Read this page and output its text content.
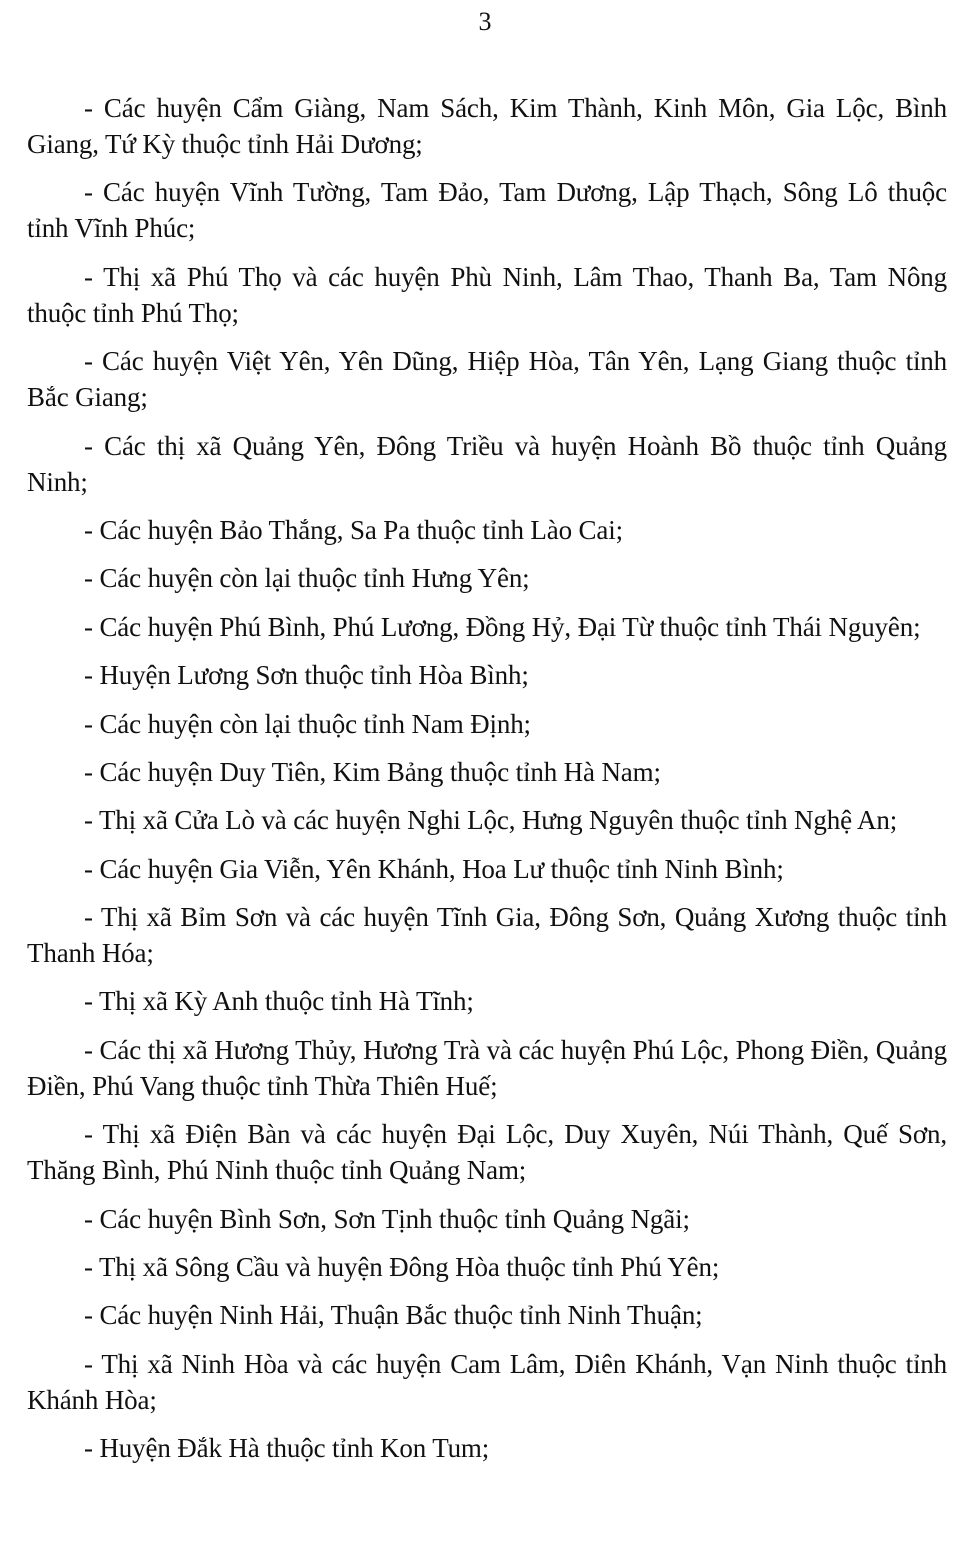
3

- Các huyện Cẩm Giàng, Nam Sách, Kim Thành, Kinh Môn, Gia Lộc, Bình Giang, Tứ Kỳ thuộc tỉnh Hải Dương;

- Các huyện Vĩnh Tường, Tam Đảo, Tam Dương, Lập Thạch, Sông Lô thuộc tỉnh Vĩnh Phúc;

- Thị xã Phú Thọ và các huyện Phù Ninh, Lâm Thao, Thanh Ba, Tam Nông thuộc tỉnh Phú Thọ;

- Các huyện Việt Yên, Yên Dũng, Hiệp Hòa, Tân Yên, Lạng Giang thuộc tỉnh Bắc Giang;

- Các thị xã Quảng Yên, Đông Triều và huyện Hoành Bồ thuộc tỉnh Quảng Ninh;

- Các huyện Bảo Thắng, Sa Pa thuộc tỉnh Lào Cai;

- Các huyện còn lại thuộc tỉnh Hưng Yên;

- Các huyện Phú Bình, Phú Lương, Đồng Hỷ, Đại Từ thuộc tỉnh Thái Nguyên;

- Huyện Lương Sơn thuộc tỉnh Hòa Bình;

- Các huyện còn lại thuộc tỉnh Nam Định;

- Các huyện Duy Tiên, Kim Bảng thuộc tỉnh Hà Nam;

- Thị xã Cửa Lò và các huyện Nghi Lộc, Hưng Nguyên thuộc tỉnh Nghệ An;

- Các huyện Gia Viễn, Yên Khánh, Hoa Lư thuộc tỉnh Ninh Bình;

- Thị xã Bỉm Sơn và các huyện Tĩnh Gia, Đông Sơn, Quảng Xương thuộc tỉnh Thanh Hóa;

- Thị xã Kỳ Anh thuộc tỉnh Hà Tĩnh;

- Các thị xã Hương Thủy, Hương Trà và các huyện Phú Lộc, Phong Điền, Quảng Điền, Phú Vang thuộc tỉnh Thừa Thiên Huế;

- Thị xã Điện Bàn và các huyện Đại Lộc, Duy Xuyên, Núi Thành, Quế Sơn, Thăng Bình, Phú Ninh thuộc tỉnh Quảng Nam;

- Các huyện Bình Sơn, Sơn Tịnh thuộc tỉnh Quảng Ngãi;

- Thị xã Sông Cầu và huyện Đông Hòa thuộc tỉnh Phú Yên;

- Các huyện Ninh Hải, Thuận Bắc thuộc tỉnh Ninh Thuận;

- Thị xã Ninh Hòa và các huyện Cam Lâm, Diên Khánh, Vạn Ninh thuộc tỉnh Khánh Hòa;

- Huyện Đắk Hà thuộc tỉnh Kon Tum;
